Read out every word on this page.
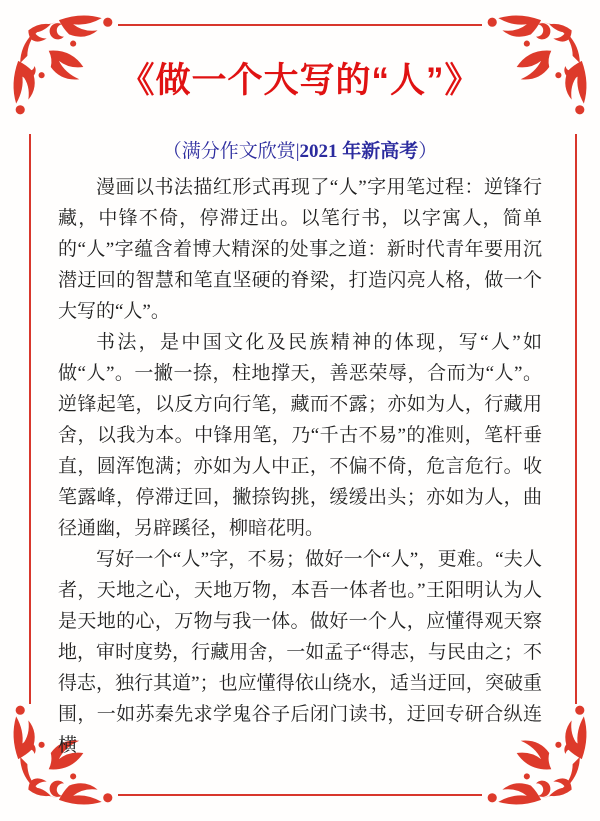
《做一个大写的“人”》
（满分作文欣赏|2021 年新高考）

漫画以书法描红形式再现了“人”字用笔过程：逆锋行藏，中锋不倚，停滞迂出。以笔行书，以字寓人，简单的“人”字蕴含着博大精深的处事之道：新时代青年要用沉潜迂回的智慧和笔直坚硬的脊梁，打造闪亮人格，做一个大写的“人”。

书法，是中国文化及民族精神的体现，写“人”如做“人”。一撇一捺，柱地撑天，善恶荣辱，合而为“人”。逆锋起笔，以反方向行笔，藏而不露；亦如为人，行藏用舍，以我为本。中锋用笔，乃“千古不易”的准则，笔杆垂直，圆浑饱满；亦如为人中正，不偏不倚，危言危行。收笔露峰，停滞迂回，撇捺钩挑，缓缓出头；亦如为人，曲径通幽，另辟蹊径，柳暗花明。

写好一个“人”字，不易；做好一个“人”，更难。“夫人者，天地之心，天地万物，本吾一体者也。”王阳明认为人是天地的心，万物与我一体。做好一个人，应懂得观天察地，审时度势，行藏用舍，一如孟子“得志，与民由之；不得志，独行其道”；也应懂得依山绕水，适当迂回，突破重围，一如苏秦先求学鬼谷子后闭门读书，迂回专研合纵连横
